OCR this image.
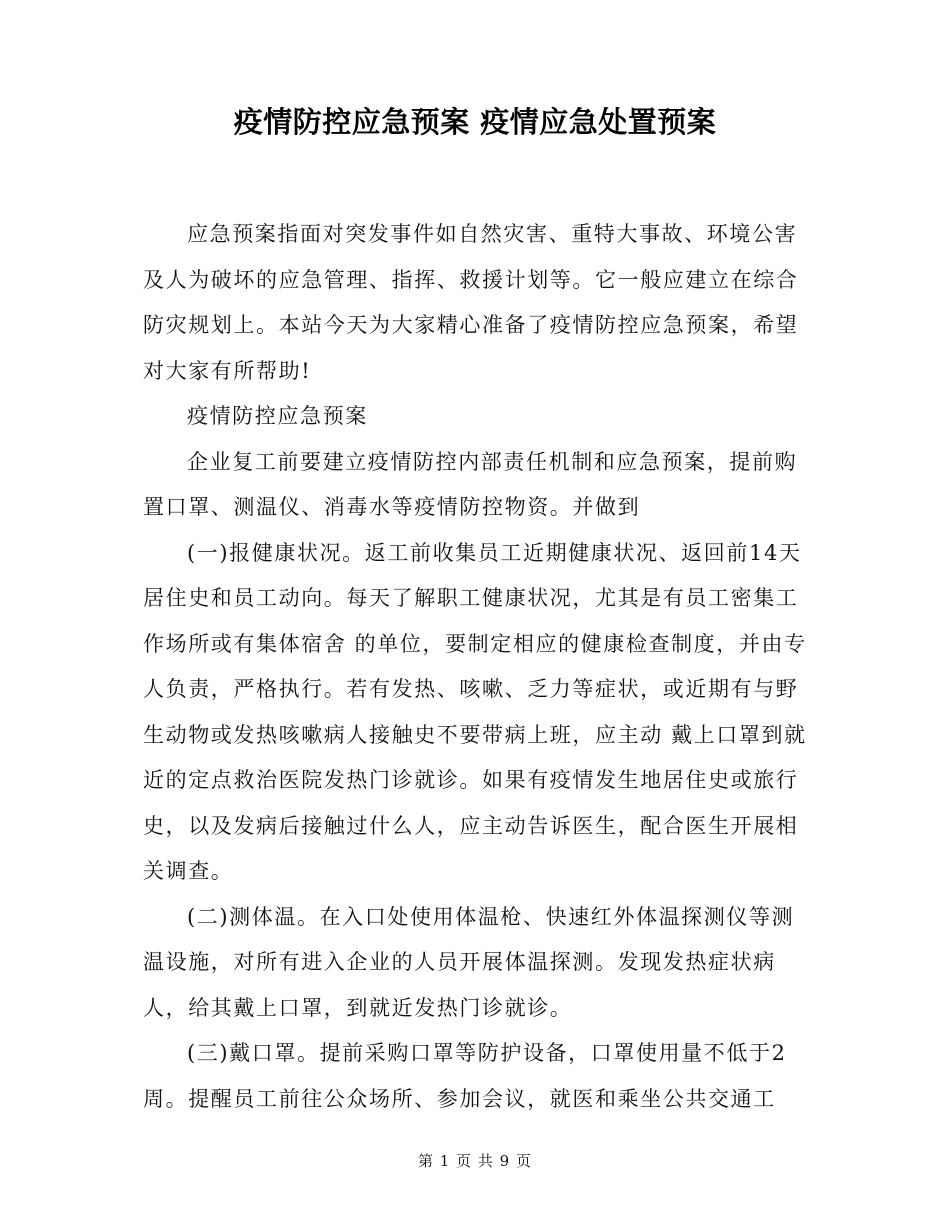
疫情防控应急预案 疫情应急处置预案

应急预案指面对突发事件如自然灾害、重特大事故、环境公害及人为破坏的应急管理、指挥、救援计划等。它一般应建立在综合防灾规划上。本站今天为大家精心准备了疫情防控应急预案，希望对大家有所帮助!

疫情防控应急预案

企业复工前要建立疫情防控内部责任机制和应急预案，提前购置口罩、测温仪、消毒水等疫情防控物资。并做到

(一)报健康状况。返工前收集员工近期健康状况、返回前14天居住史和员工动向。每天了解职工健康状况，尤其是有员工密集工作场所或有集体宿舍 的单位，要制定相应的健康检查制度，并由专人负责，严格执行。若有发热、咳嗽、乏力等症状，或近期有与野生动物或发热咳嗽病人接触史不要带病上班，应主动 戴上口罩到就近的定点救治医院发热门诊就诊。如果有疫情发生地居住史或旅行史，以及发病后接触过什么人，应主动告诉医生，配合医生开展相关调查。

(二)测体温。在入口处使用体温枪、快速红外体温探测仪等测温设施，对所有进入企业的人员开展体温探测。发现发热症状病人，给其戴上口罩，到就近发热门诊就诊。

(三)戴口罩。提前采购口罩等防护设备，口罩使用量不低于2周。提醒员工前往公众场所、参加会议，就医和乘坐公共交通工

第 1 页 共 9 页
